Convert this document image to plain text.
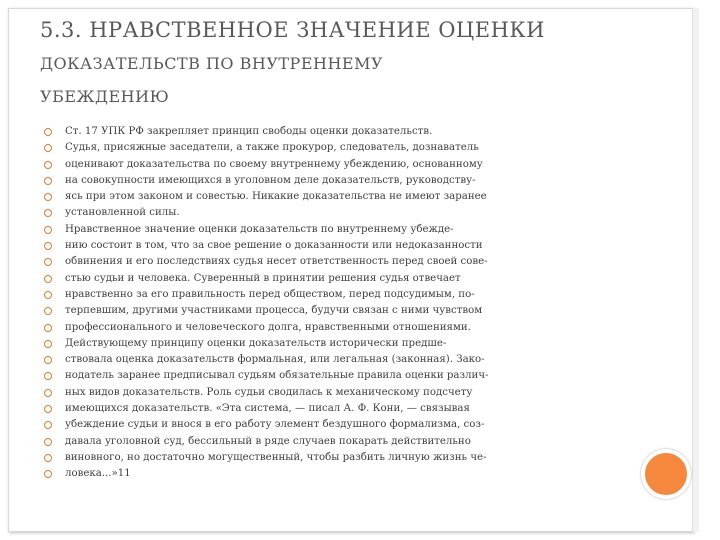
5.3. НРАВСТВЕННОЕ ЗНАЧЕНИЕ ОЦЕНКИ
ДОКАЗАТЕЛЬСТВ ПО ВНУТРЕННЕМУ
УБЕЖДЕНИЮ
Ст. 17 УПК РФ закрепляет принцип свободы оценки доказательств.
Судья, присяжные заседатели, а также прокурор, следователь, дознаватель
оценивают доказательства по своему внутреннему убеждению, основанному
на совокупности имеющихся в уголовном деле доказательств, руководству-
ясь при этом законом и совестью. Никакие доказательства не имеют заранее
установленной силы.
Нравственное значение оценки доказательств по внутреннему убежде-
нию состоит в том, что за свое решение о доказанности или недоказанности
обвинения и его последствиях судья несет ответственность перед своей сове-
стью судьи и человека. Суверенный в принятии решения судья отвечает
нравственно за его правильность перед обществом, перед подсудимым, по-
терпевшим, другими участниками процесса, будучи связан с ними чувством
профессионального и человеческого долга, нравственными отношениями.
Действующему принципу оценки доказательств исторически предше-
ствовала оценка доказательств формальная, или легальная (законная). Зако-
нодатель заранее предписывал судьям обязательные правила оценки различ-
ных видов доказательств. Роль судьи сводилась к механическому подсчету
имеющихся доказательств. «Эта система, — писал А. Ф. Кони, — связывая
убеждение судьи и внося в его работу элемент бездушного формализма, соз-
давала уголовной суд, бессильный в ряде случаев покарать действительно
виновного, но достаточно могущественный, чтобы разбить личную жизнь че-
ловека...»11
